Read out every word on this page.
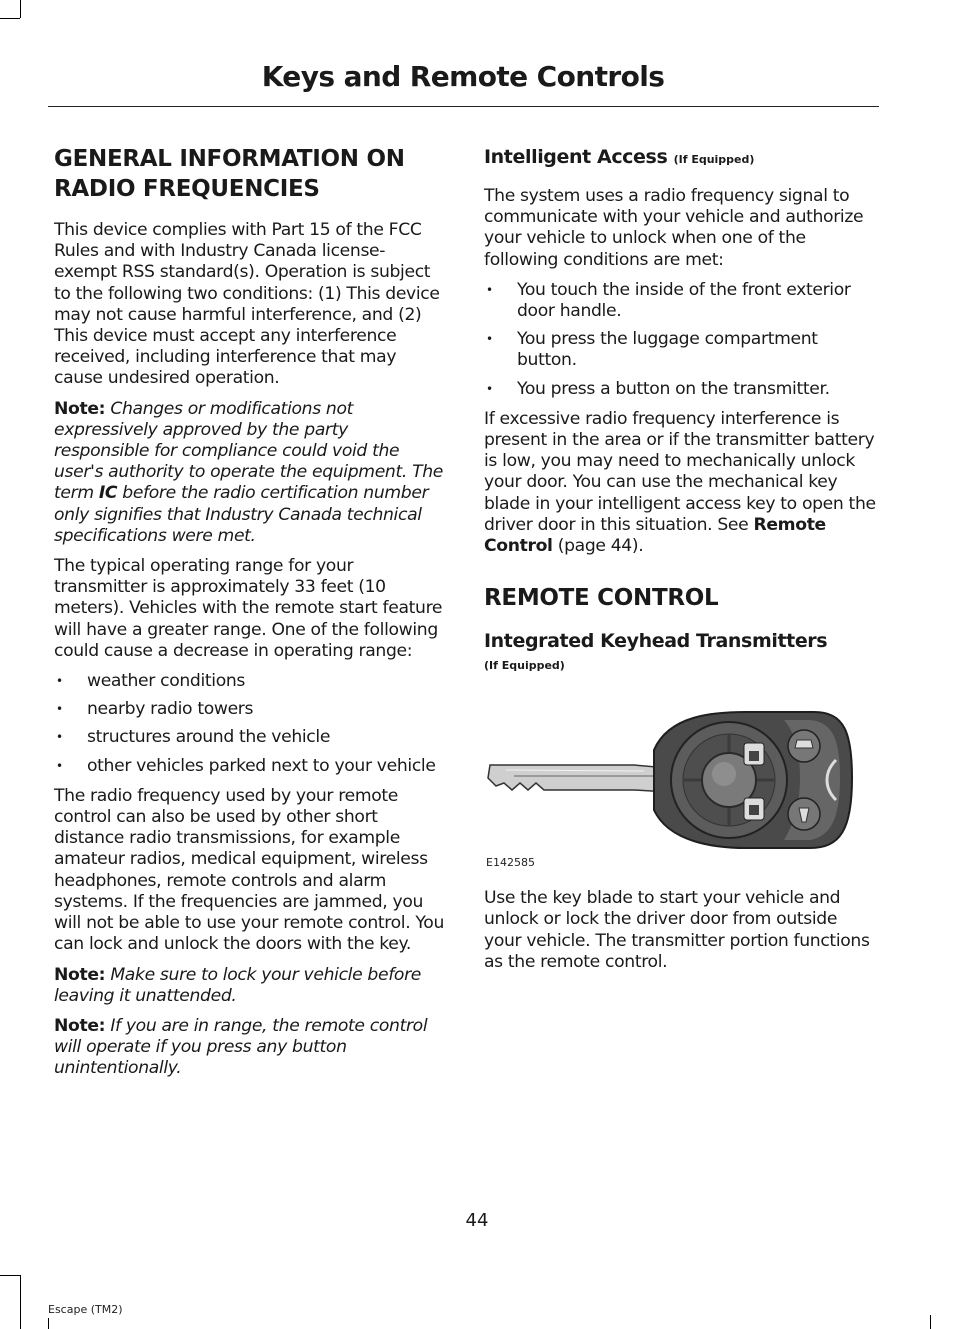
Keys and Remote Controls
GENERAL INFORMATION ON
RADIO FREQUENCIES

This device complies with Part 15 of the FCC Rules and with Industry Canada license-exempt RSS standard(s). Operation is subject to the following two conditions: (1) This device may not cause harmful interference, and (2) This device must accept any interference received, including interference that may cause undesired operation.

Note: Changes or modifications not expressively approved by the party responsible for compliance could void the user's authority to operate the equipment. The term IC before the radio certification number only signifies that Industry Canada technical specifications were met.

The typical operating range for your transmitter is approximately 33 feet (10 meters). Vehicles with the remote start feature will have a greater range. One of the following could cause a decrease in operating range:

• weather conditions
• nearby radio towers
• structures around the vehicle
• other vehicles parked next to your vehicle

The radio frequency used by your remote control can also be used by other short distance radio transmissions, for example amateur radios, medical equipment, wireless headphones, remote controls and alarm systems. If the frequencies are jammed, you will not be able to use your remote control. You can lock and unlock the doors with the key.

Note: Make sure to lock your vehicle before leaving it unattended.

Note: If you are in range, the remote control will operate if you press any button unintentionally.

Intelligent Access (If Equipped)

The system uses a radio frequency signal to communicate with your vehicle and authorize your vehicle to unlock when one of the following conditions are met:

• You touch the inside of the front exterior door handle.
• You press the luggage compartment button.
• You press a button on the transmitter.

If excessive radio frequency interference is present in the area or if the transmitter battery is low, you may need to mechanically unlock your door. You can use the mechanical key blade in your intelligent access key to open the driver door in this situation. See Remote Control (page 44).

REMOTE CONTROL
Integrated Keyhead Transmitters
(If Equipped)
E142585

Use the key blade to start your vehicle and unlock or lock the driver door from outside your vehicle. The transmitter portion functions as the remote control.

44
Escape (TM2)
